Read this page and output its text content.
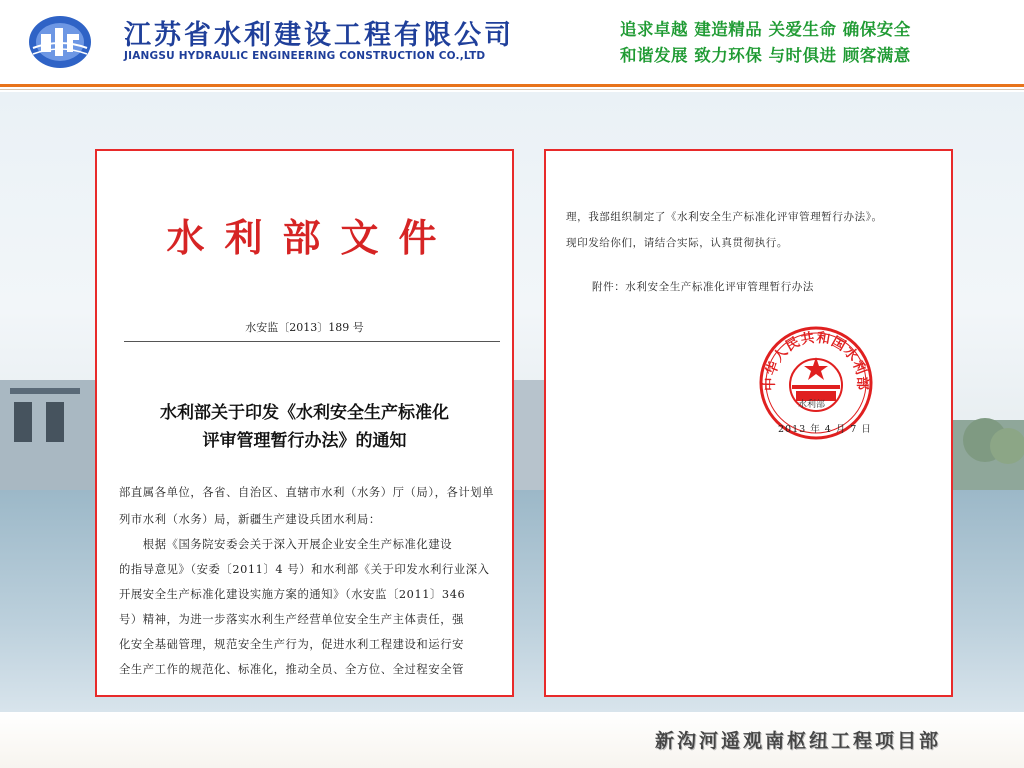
江苏省水利建设工程有限公司
JIANGSU HYDRAULIC ENGINEERING CONSTRUCTION CO.,LTD
追求卓越 建造精品 关爱生命 确保安全
和谐发展 致力环保 与时俱进 顾客满意
水利部文件
水安监〔2013〕189 号
水利部关于印发《水利安全生产标准化
评审管理暂行办法》的通知
部直属各单位，各省、自治区、直辖市水利（水务）厅（局），各计划单
列市水利（水务）局，新疆生产建设兵团水利局：
　　根据《国务院安委会关于深入开展企业安全生产标准化建设
的指导意见》（安委〔2011〕4 号）和水利部《关于印发水利行业深入
开展安全生产标准化建设实施方案的通知》（水安监〔2011〕346
号）精神，为进一步落实水利生产经营单位安全生产主体责任，强
化安全基础管理，规范安全生产行为，促进水利工程建设和运行安
全生产工作的规范化、标准化，推动全员、全方位、全过程安全管
理，我部组织制定了《水利安全生产标准化评审管理暂行办法》。
现印发给你们，请结合实际，认真贯彻执行。
附件：水利安全生产标准化评审管理暂行办法
中华人民共和国水利部
水利部
2013 年 4 月 7 日
新沟河遥观南枢纽工程项目部
